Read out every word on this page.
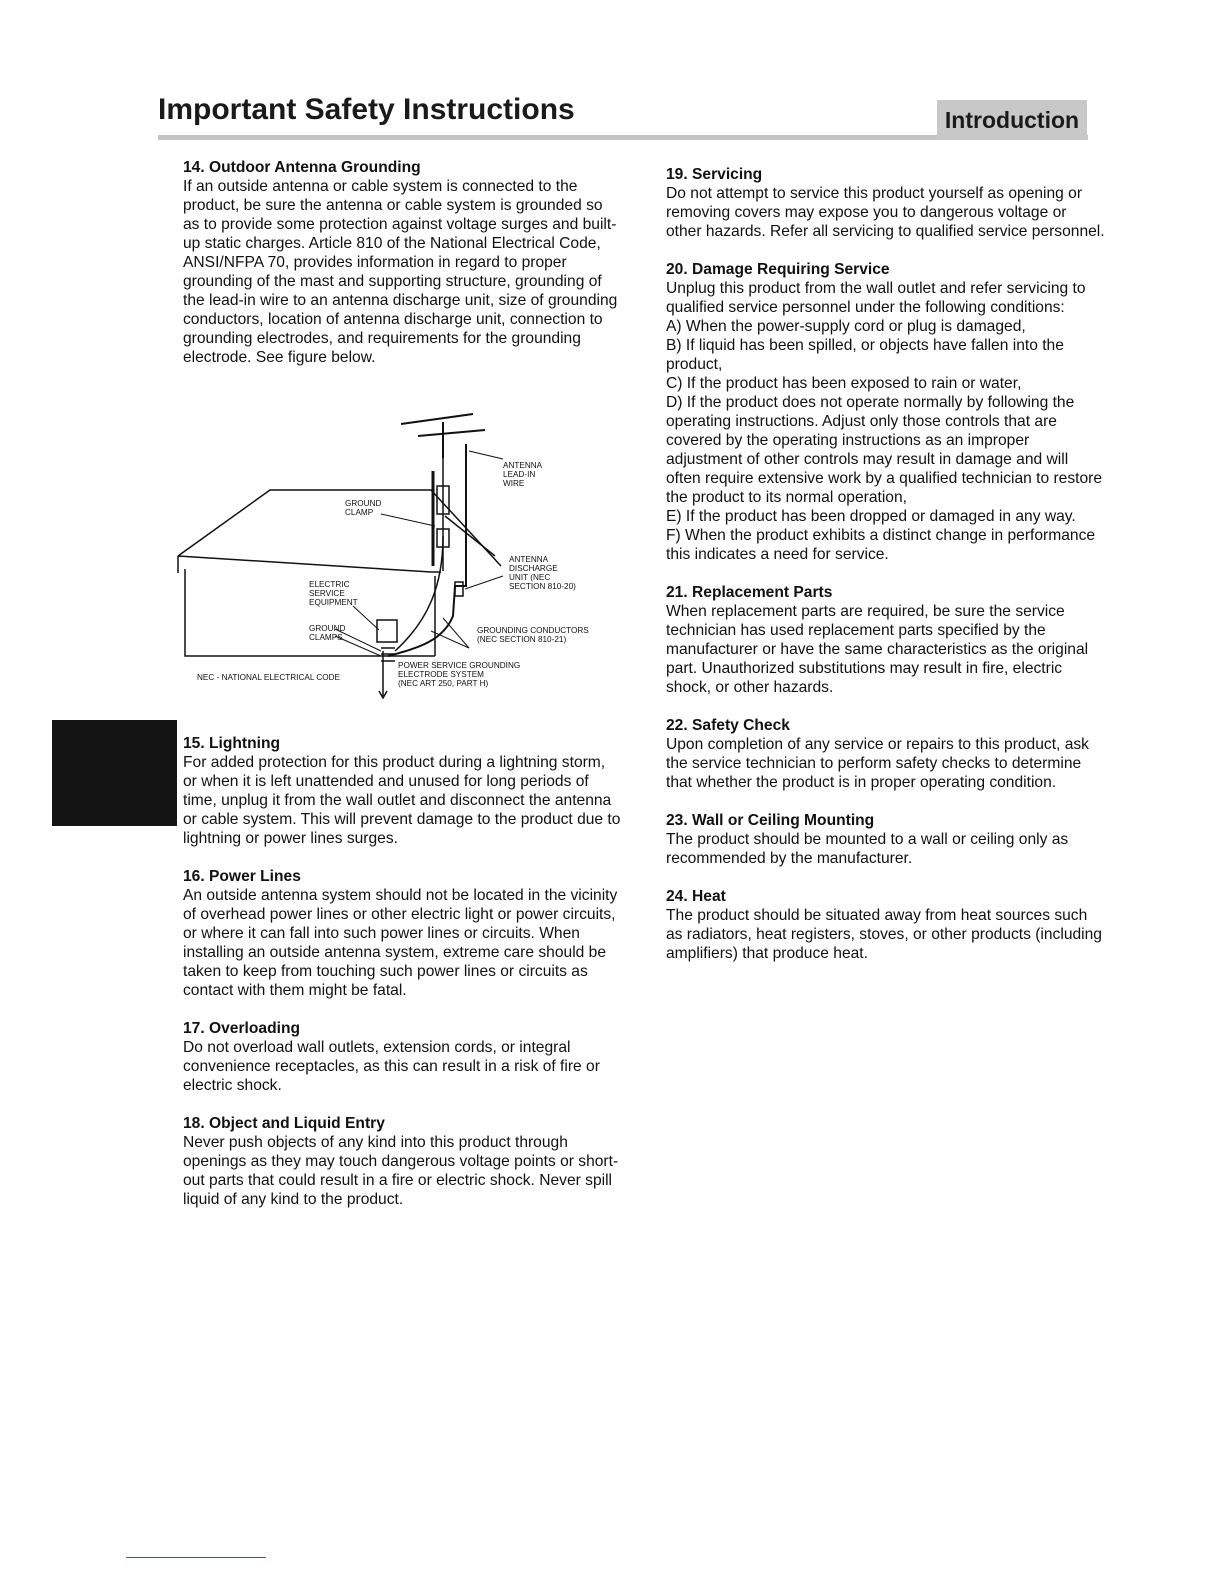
Important Safety Instructions	Introduction
14. Outdoor Antenna Grounding

If an outside antenna or cable system is connected to the product, be sure the antenna or cable system is grounded so as to provide some protection against voltage surges and built-up static charges. Article 810 of the National Electrical Code, ANSI/NFPA 70, provides information in regard to proper grounding of the mast and supporting structure, grounding of the lead-in wire to an antenna discharge unit, size of grounding conductors, location of antenna discharge unit, connection to grounding electrodes, and requirements for the grounding electrode. See figure below.

ANTENNA LEAD-IN WIRE
GROUND CLAMP
ANTENNA DISCHARGE UNIT (NEC SECTION 810-20)
ELECTRIC SERVICE EQUIPMENT
GROUND CLAMPS
GROUNDING CONDUCTORS (NEC SECTION 810-21)
POWER SERVICE GROUNDING ELECTRODE SYSTEM (NEC ART 250, PART H)
NEC - NATIONAL ELECTRICAL CODE
15. Lightning

For added protection for this product during a lightning storm, or when it is left unattended and unused for long periods of time, unplug it from the wall outlet and disconnect the antenna or cable system. This will prevent damage to the product due to lightning or power lines surges.

16. Power Lines

An outside antenna system should not be located in the vicinity of overhead power lines or other electric light or power circuits, or where it can fall into such power lines or circuits. When installing an outside antenna system, extreme care should be taken to keep from touching such power lines or circuits as contact with them might be fatal.

17. Overloading

Do not overload wall outlets, extension cords, or integral convenience receptacles, as this can result in a risk of fire or electric shock.

18. Object and Liquid Entry

Never push objects of any kind into this product through openings as they may touch dangerous voltage points or short-out parts that could result in a fire or electric shock. Never spill liquid of any kind to the product.

19. Servicing

Do not attempt to service this product yourself as opening or removing covers may expose you to dangerous voltage or other hazards. Refer all servicing to qualified service personnel.

20. Damage Requiring Service

Unplug this product from the wall outlet and refer servicing to qualified service personnel under the following conditions:

A) When the power-supply cord or plug is damaged,

B) If liquid has been spilled, or objects have fallen into the product,

C) If the product has been exposed to rain or water,

D) If the product does not operate normally by following the operating instructions. Adjust only those controls that are covered by the operating instructions as an improper adjustment of other controls may result in damage and will often require extensive work by a qualified technician to restore the product to its normal operation,

E) If the product has been dropped or damaged in any way.

F) When the product exhibits a distinct change in performance this indicates a need for service.

21. Replacement Parts

When replacement parts are required, be sure the service technician has used replacement parts specified by the manufacturer or have the same characteristics as the original part. Unauthorized substitutions may result in fire, electric shock, or other hazards.

22. Safety Check

Upon completion of any service or repairs to this product, ask the service technician to perform safety checks to determine that whether the product is in proper operating condition.

23. Wall or Ceiling Mounting

The product should be mounted to a wall or ceiling only as recommended by the manufacturer.

24. Heat

The product should be situated away from heat sources such as radiators, heat registers, stoves, or other products (including amplifiers) that produce heat.
